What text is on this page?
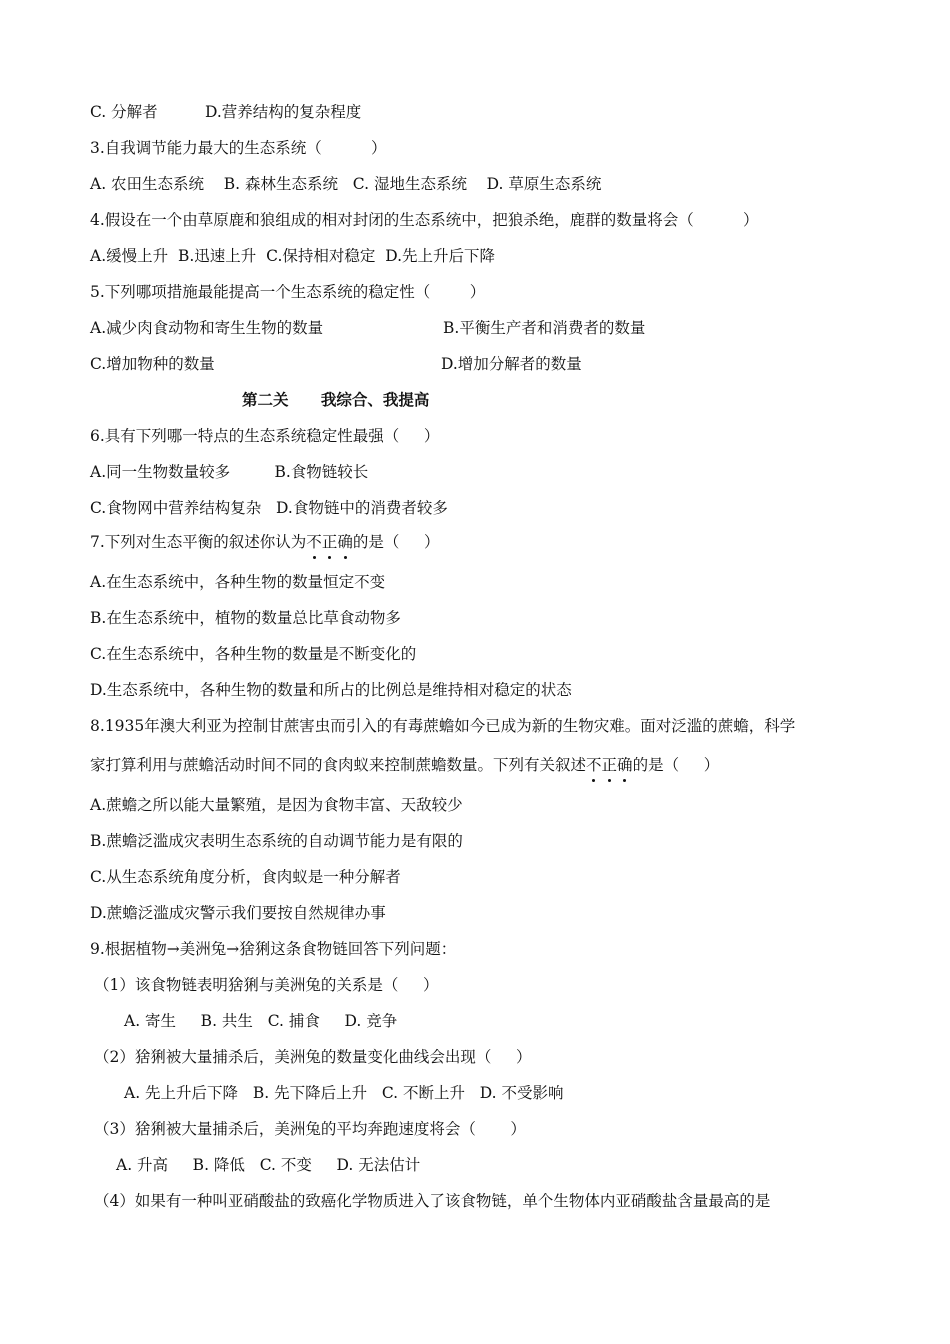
C. 分解者	D.营养结构的复杂程度
3.自我调节能力最大的生态系统（          ）
A. 农田生态系统    B. 森林生态系统   C. 湿地生态系统    D. 草原生态系统
4.假设在一个由草原鹿和狼组成的相对封闭的生态系统中，把狼杀绝，鹿群的数量将会（          ）
A.缓慢上升  B.迅速上升  C.保持相对稳定  D.先上升后下降
5.下列哪项措施最能提高一个生态系统的稳定性（        ）
A.减少肉食动物和寄生生物的数量	B.平衡生产者和消费者的数量
C.增加物种的数量	D.增加分解者的数量
第二关      我综合、我提高
6.具有下列哪一特点的生态系统稳定性最强（     ）
A.同一生物数量较多         B.食物链较长
C.食物网中营养结构复杂   D.食物链中的消费者较多
7.下列对生态平衡的叙述你认为不正确的是（     ）
A.在生态系统中，各种生物的数量恒定不变
B.在生态系统中，植物的数量总比草食动物多
C.在生态系统中，各种生物的数量是不断变化的
D.生态系统中，各种生物的数量和所占的比例总是维持相对稳定的状态
8.1935年澳大利亚为控制甘蔗害虫而引入的有毒蔗蟾如今已成为新的生物灾难。面对泛滥的蔗蟾，科学
家打算利用与蔗蟾活动时间不同的食肉蚁来控制蔗蟾数量。下列有关叙述不正确的是（     ）
A.蔗蟾之所以能大量繁殖，是因为食物丰富、天敌较少
B.蔗蟾泛滥成灾表明生态系统的自动调节能力是有限的
C.从生态系统角度分析，食肉蚁是一种分解者
D.蔗蟾泛滥成灾警示我们要按自然规律办事
9.根据植物→美洲兔→猞猁这条食物链回答下列问题：
（1）该食物链表明猞猁与美洲兔的关系是（     ）
A. 寄生     B. 共生   C. 捕食     D. 竞争
（2）猞猁被大量捕杀后，美洲兔的数量变化曲线会出现（     ）
A. 先上升后下降   B. 先下降后上升   C. 不断上升   D. 不受影响
（3）猞猁被大量捕杀后，美洲兔的平均奔跑速度将会（       ）
A. 升高     B. 降低   C. 不变     D. 无法估计
（4）如果有一种叫亚硝酸盐的致癌化学物质进入了该食物链，单个生物体内亚硝酸盐含量最高的是
